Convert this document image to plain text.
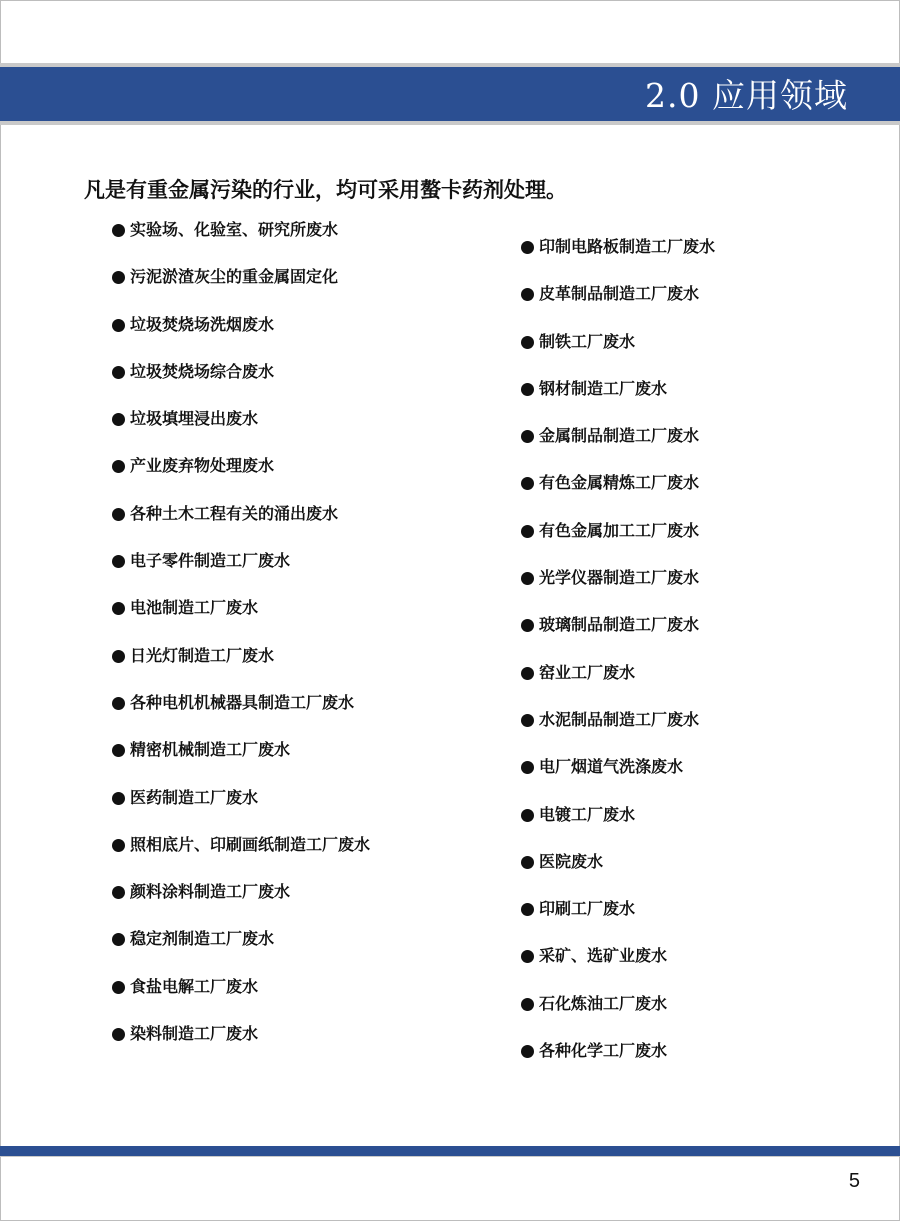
2.0 应用领域
凡是有重金属污染的行业，均可采用螯卡药剂处理。
实验场、化验室、研究所废水
污泥淤渣灰尘的重金属固定化
垃圾焚烧场洗烟废水
垃圾焚烧场综合废水
垃圾填埋浸出废水
产业废弃物处理废水
各种土木工程有关的涌出废水
电子零件制造工厂废水
电池制造工厂废水
日光灯制造工厂废水
各种电机机械器具制造工厂废水
精密机械制造工厂废水
医药制造工厂废水
照相底片、印刷画纸制造工厂废水
颜料涂料制造工厂废水
稳定剂制造工厂废水
食盐电解工厂废水
染料制造工厂废水
印制电路板制造工厂废水
皮革制品制造工厂废水
制铁工厂废水
钢材制造工厂废水
金属制品制造工厂废水
有色金属精炼工厂废水
有色金属加工工厂废水
光学仪器制造工厂废水
玻璃制品制造工厂废水
窑业工厂废水
水泥制品制造工厂废水
电厂烟道气洗涤废水
电镀工厂废水
医院废水
印刷工厂废水
采矿、选矿业废水
石化炼油工厂废水
各种化学工厂废水
5
